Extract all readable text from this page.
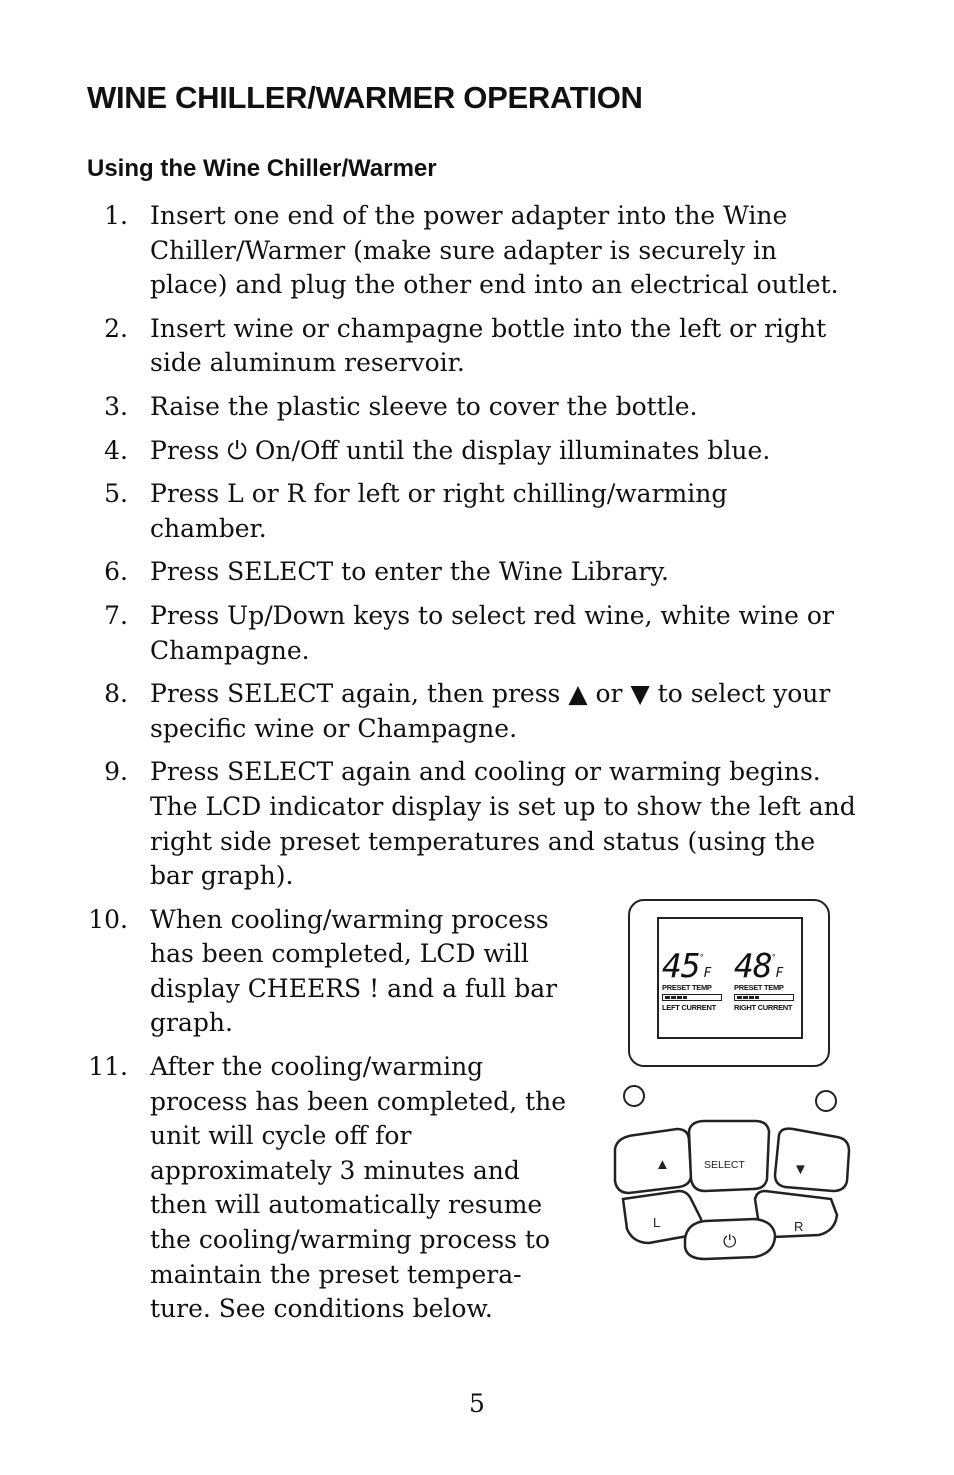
WINE CHILLER/WARMER OPERATION
Using the Wine Chiller/Warmer
1. Insert one end of the power adapter into the Wine Chiller/Warmer (make sure adapter is securely in place) and plug the other end into an electrical outlet.
2. Insert wine or champagne bottle into the left or right side aluminum reservoir.
3. Raise the plastic sleeve to cover the bottle.
4. Press ⏻ On/Off until the display illuminates blue.
5. Press L or R for left or right chilling/warming chamber.
6. Press SELECT to enter the Wine Library.
7. Press Up/Down keys to select red wine, white wine or Champagne.
8. Press SELECT again, then press ▲ or ▼ to select your specific wine or Champagne.
9. Press SELECT again and cooling or warming begins. The LCD indicator display is set up to show the left and right side preset temperatures and status (using the bar graph).
10. When cooling/warming process has been completed, LCD will display CHEERS ! and a full bar graph.
11. After the cooling/warming process has been completed, the unit will cycle off for approximately 3 minutes and then will automatically resume the cooling/warming process to maintain the preset tempera-ture. See conditions below.
45°F
PRESET TEMP
LEFT CURRENT
48°F
PRESET TEMP
RIGHT CURRENT
▲	SELECT	▼
L	R
⏻
5
